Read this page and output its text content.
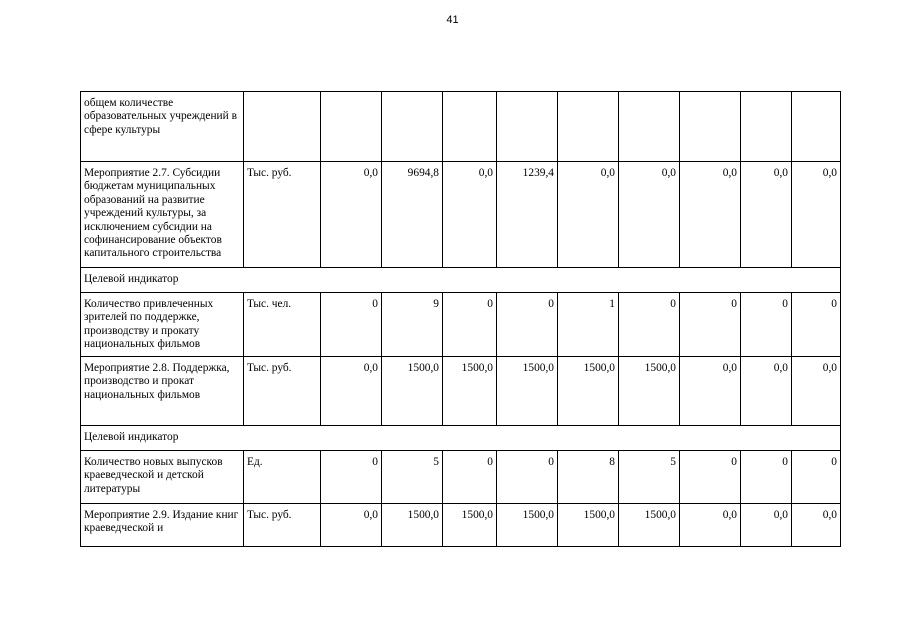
41
общем количестве образовательных учреждений в сфере культуры										
Мероприятие 2.7. Субсидии бюджетам муниципальных образований на развитие учреждений культуры, за исключением субсидии на софинансирование объектов капитального строительства	Тыс. руб.	0,0	9694,8	0,0	1239,4	0,0	0,0	0,0	0,0	0,0
Целевой индикатор										
Количество привлеченных зрителей по поддержке, производству и прокату национальных фильмов	Тыс. чел.	0	9	0	0	1	0	0	0	0
Мероприятие 2.8. Поддержка, производство и прокат национальных фильмов	Тыс. руб.	0,0	1500,0	1500,0	1500,0	1500,0	1500,0	0,0	0,0	0,0
Целевой индикатор										
Количество новых выпусков краеведческой и детской литературы	Ед.	0	5	0	0	8	5	0	0	0
Мероприятие 2.9. Издание книг краеведческой и	Тыс. руб.	0,0	1500,0	1500,0	1500,0	1500,0	1500,0	0,0	0,0	0,0
